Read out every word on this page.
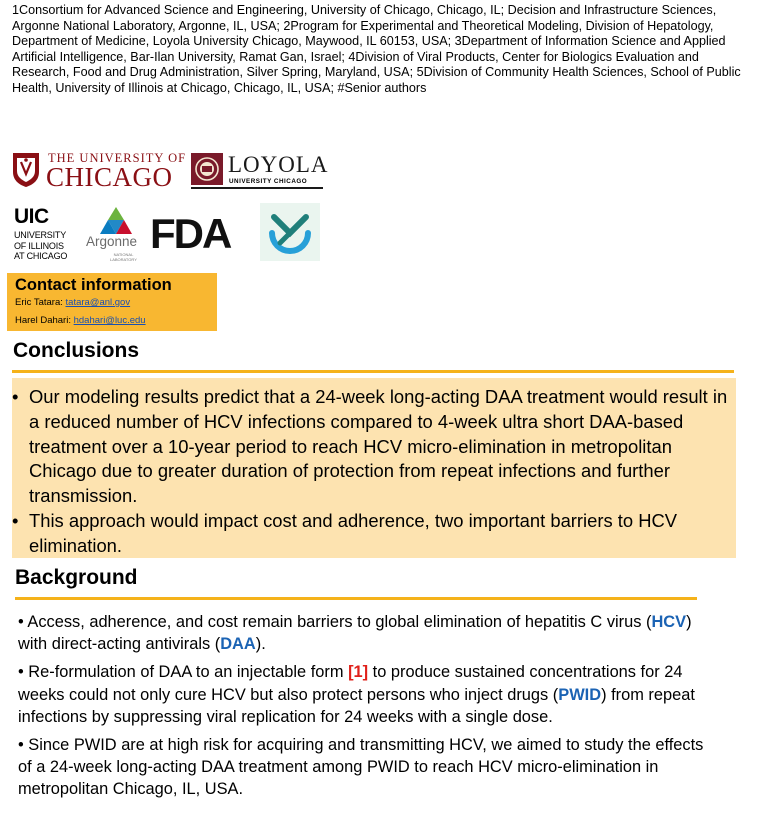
1Consortium for Advanced Science and Engineering, University of Chicago, Chicago, IL; Decision and Infrastructure Sciences, Argonne National Laboratory, Argonne, IL, USA; 2Program for Experimental and Theoretical Modeling, Division of Hepatology, Department of Medicine, Loyola University Chicago, Maywood, IL 60153, USA; 3Department of Information Science and Applied Artificial Intelligence, Bar-Ilan University, Ramat Gan, Israel; 4Division of Viral Products, Center for Biologics Evaluation and Research, Food and Drug Administration, Silver Spring, Maryland, USA; 5Division of Community Health Sciences, School of Public Health, University of Illinois at Chicago, Chicago, IL, USA; #Senior authors
THE UNIVERSITY OF
CHICAGO LOYOLA
UNIVERSITY CHICAGO
UIC
UNIVERSITY
OF ILLINOIS
AT CHICAGO
Argonne
NATIONAL
LABORATORY
FDA
Contact information
Eric Tatara: tatara@anl.gov
Harel Dahari: hdahari@luc.edu
Conclusions
• Our modeling results predict that a 24-week long-acting DAA treatment would result in a reduced number of HCV infections compared to 4-week ultra short DAA-based treatment over a 10-year period to reach HCV micro-elimination in metropolitan Chicago due to greater duration of protection from repeat infections and further transmission.
• This approach would impact cost and adherence, two important barriers to HCV elimination.
Background

• Access, adherence, and cost remain barriers to global elimination of hepatitis C virus (HCV) with direct-acting antivirals (DAA).

• Re-formulation of DAA to an injectable form [1] to produce sustained concentrations for 24 weeks could not only cure HCV but also protect persons who inject drugs (PWID) from repeat infections by suppressing viral replication for 24 weeks with a single dose.

• Since PWID are at high risk for acquiring and transmitting HCV, we aimed to study the effects of a 24-week long-acting DAA treatment among PWID to reach HCV micro-elimination in metropolitan Chicago, IL, USA.
